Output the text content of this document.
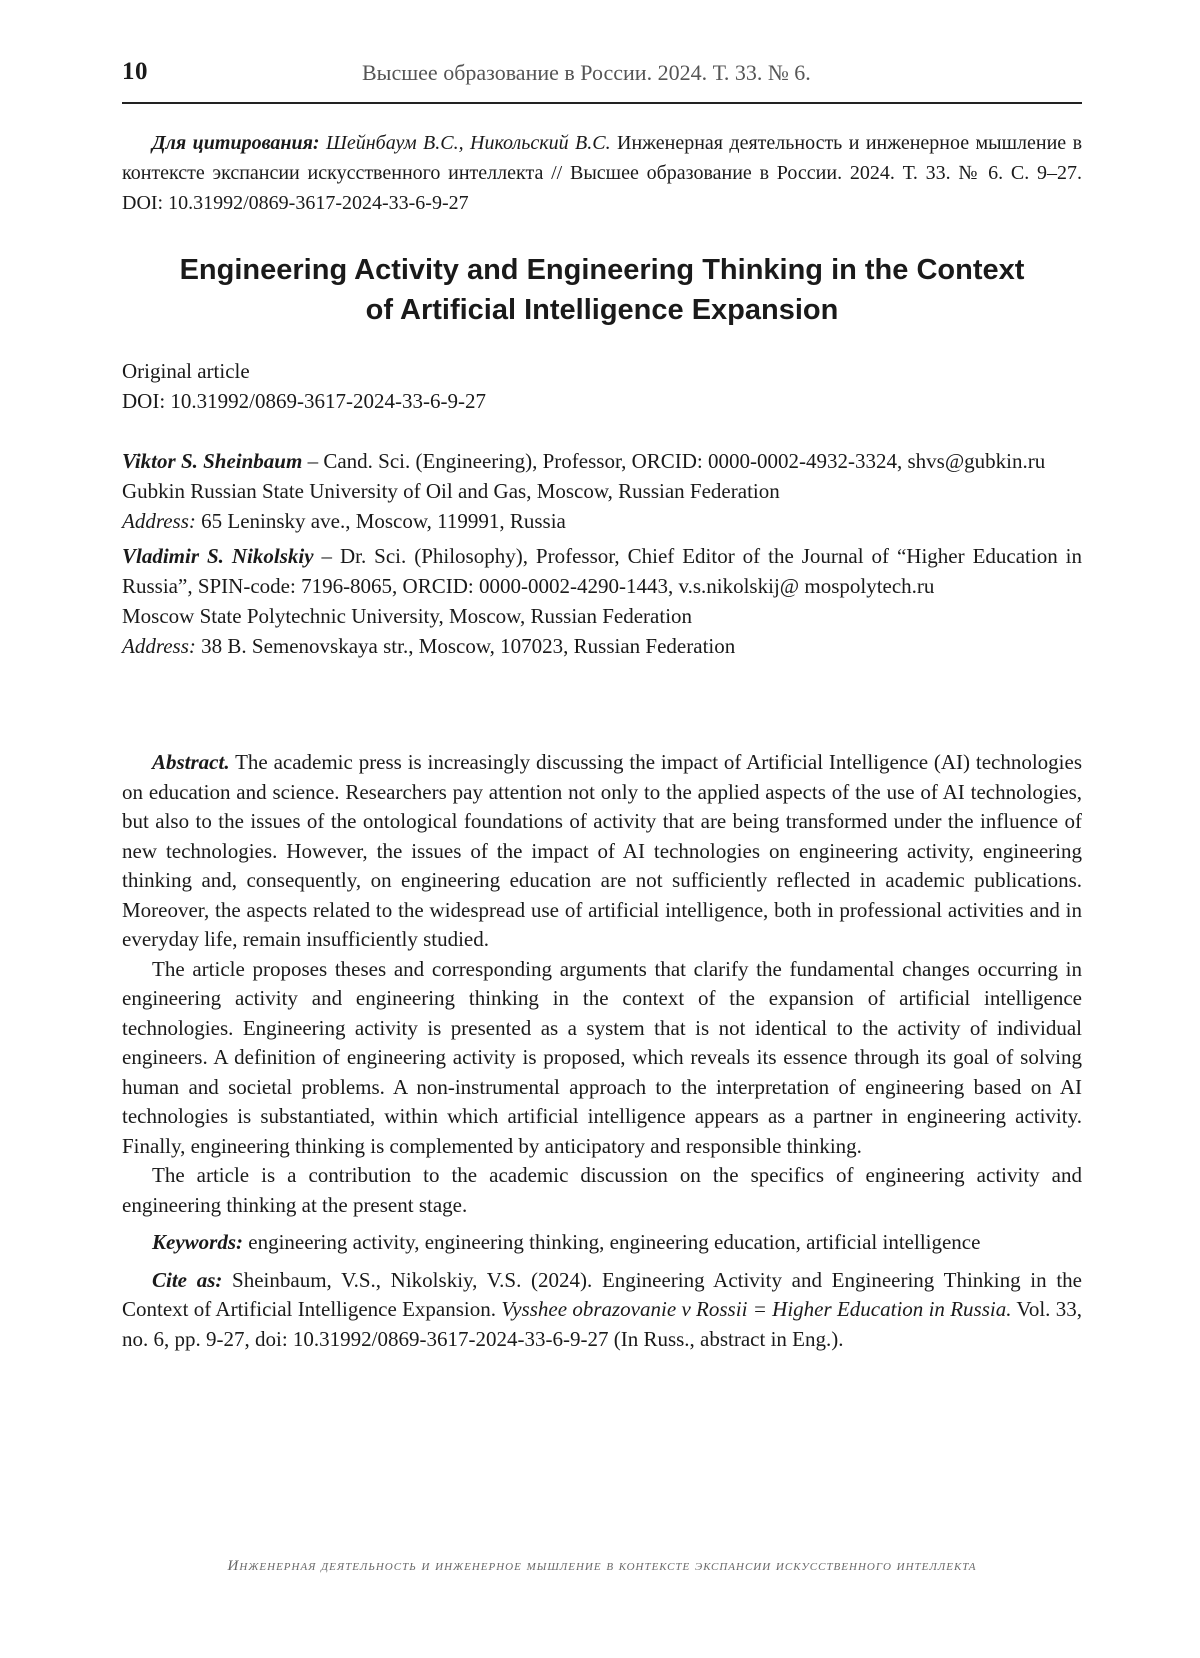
10	Высшее образование в России. 2024. Т. 33. № 6.
Для цитирования: Шейнбаум В.С., Никольский В.С. Инженерная деятельность и инженерное мышление в контексте экспансии искусственного интеллекта // Высшее образование в России. 2024. Т. 33. № 6. С. 9–27. DOI: 10.31992/0869-3617-2024-33-6-9-27
Engineering Activity and Engineering Thinking in the Context
of Artificial Intelligence Expansion
Original article
DOI: 10.31992/0869-3617-2024-33-6-9-27
Viktor S. Sheinbaum – Cand. Sci. (Engineering), Professor, ORCID: 0000-0002-4932-3324, shvs@gubkin.ru
Gubkin Russian State University of Oil and Gas, Moscow, Russian Federation
Address: 65 Leninsky ave., Moscow, 119991, Russia
Vladimir S. Nikolskiy – Dr. Sci. (Philosophy), Professor, Chief Editor of the Journal of “Higher Education in Russia”, SPIN-code: 7196-8065, ORCID: 0000-0002-4290-1443, v.s.nikolskij@ mospolytech.ru
Moscow State Polytechnic University, Moscow, Russian Federation
Address: 38 B. Semenovskaya str., Moscow, 107023, Russian Federation

Abstract. The academic press is increasingly discussing the impact of Artificial Intelligence (AI) technologies on education and science. Researchers pay attention not only to the applied aspects of the use of AI technologies, but also to the issues of the ontological foundations of activity that are being transformed under the influence of new technologies. However, the issues of the impact of AI technologies on engineering activity, engineering thinking and, consequently, on engineering education are not sufficiently reflected in academic publications. Moreover, the aspects related to the widespread use of artificial intelligence, both in professional activities and in everyday life, remain insufficiently studied.

The article proposes theses and corresponding arguments that clarify the fundamental changes occurring in engineering activity and engineering thinking in the context of the expansion of artificial intelligence technologies. Engineering activity is presented as a system that is not identical to the activity of individual engineers. A definition of engineering activity is proposed, which reveals its essence through its goal of solving human and societal problems. A non-instrumental approach to the interpretation of engineering based on AI technologies is substantiated, within which artificial intelligence appears as a partner in engineering activity. Finally, engineering thinking is complemented by anticipatory and responsible thinking.

The article is a contribution to the academic discussion on the specifics of engineering activity and engineering thinking at the present stage.

Keywords: engineering activity, engineering thinking, engineering education, artificial intelligence

Cite as: Sheinbaum, V.S., Nikolskiy, V.S. (2024). Engineering Activity and Engineering Thinking in the Context of Artificial Intelligence Expansion. Vysshee obrazovanie v Rossii = Higher Education in Russia. Vol. 33, no. 6, pp. 9-27, doi: 10.31992/0869-3617-2024-33-6-9-27 (In Russ., abstract in Eng.).

Инженерная деятельность и инженерное мышление в контексте экспансии искусственного интеллекта
